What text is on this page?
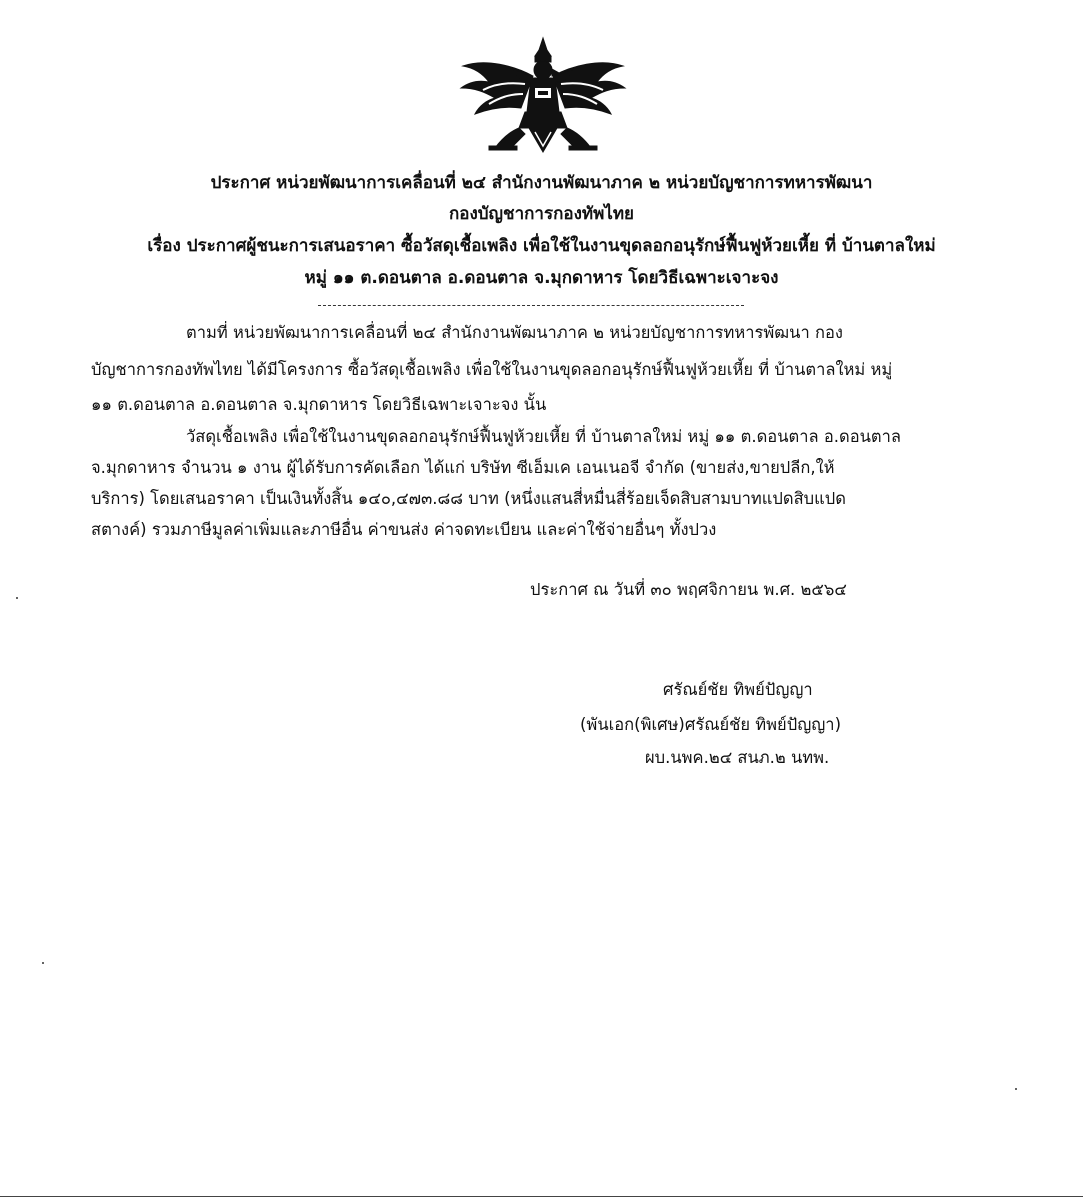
ประกาศ หน่วยพัฒนาการเคลื่อนที่ ๒๔ สำนักงานพัฒนาภาค ๒ หน่วยบัญชาการทหารพัฒนา
กองบัญชาการกองทัพไทย
เรื่อง ประกาศผู้ชนะการเสนอราคา ซื้อวัสดุเชื้อเพลิง เพื่อใช้ในงานขุดลอกอนุรักษ์ฟื้นฟูห้วยเหี้ย ที่ บ้านตาลใหม่
หมู่ ๑๑ ต.ดอนตาล อ.ดอนตาล จ.มุกดาหาร โดยวิธีเฉพาะเจาะจง
ตามที่ หน่วยพัฒนาการเคลื่อนที่ ๒๔ สำนักงานพัฒนาภาค ๒ หน่วยบัญชาการทหารพัฒนา กอง
บัญชาการกองทัพไทย ได้มีโครงการ ซื้อวัสดุเชื้อเพลิง เพื่อใช้ในงานขุดลอกอนุรักษ์ฟื้นฟูห้วยเหี้ย ที่ บ้านตาลใหม่ หมู่
๑๑ ต.ดอนตาล อ.ดอนตาล จ.มุกดาหาร โดยวิธีเฉพาะเจาะจง นั้น
วัสดุเชื้อเพลิง เพื่อใช้ในงานขุดลอกอนุรักษ์ฟื้นฟูห้วยเหี้ย ที่ บ้านตาลใหม่ หมู่ ๑๑ ต.ดอนตาล อ.ดอนตาล
จ.มุกดาหาร จำนวน ๑ งาน ผู้ได้รับการคัดเลือก ได้แก่ บริษัท ซีเอ็มเค เอนเนอจี จำกัด (ขายส่ง,ขายปลีก,ให้
บริการ) โดยเสนอราคา เป็นเงินทั้งสิ้น ๑๔๐,๔๗๓.๘๘ บาท (หนึ่งแสนสี่หมื่นสี่ร้อยเจ็ดสิบสามบาทแปดสิบแปด
สตางค์) รวมภาษีมูลค่าเพิ่มและภาษีอื่น ค่าขนส่ง ค่าจดทะเบียน และค่าใช้จ่ายอื่นๆ ทั้งปวง
ประกาศ ณ วันที่ ๓๐ พฤศจิกายน พ.ศ. ๒๕๖๔
ศรัณย์ชัย ทิพย์ปัญญา
(พันเอก(พิเศษ)ศรัณย์ชัย ทิพย์ปัญญา)
ผบ.นพค.๒๔ สนภ.๒ นทพ.
